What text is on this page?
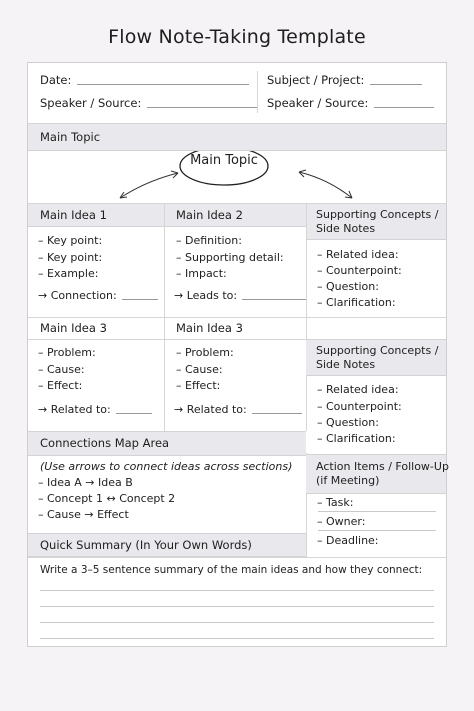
Flow Note-Taking Template
Date:
Speaker / Source:
Subject / Project:
Speaker / Source:
Main Topic
Main Topic
Main Idea 1	Main Idea 2	Supporting Concepts /
Side Notes
– Key point:
– Key point:
– Example:
→ Connection:
– Definition:
– Supporting detail:
– Impact:
→ Leads to:
– Related idea:
– Counterpoint:
– Question:
– Clarification:
Main Idea 3	Main Idea 3
Supporting Concepts /
Side Notes
– Problem:
– Cause:
– Effect:
→ Related to:
– Problem:
– Cause:
– Effect:
→ Related to:
– Related idea:
– Counterpoint:
– Question:
– Clarification:
Connections Map Area
Action Items / Follow-Up
(if Meeting)
(Use arrows to connect ideas across sections)
– Idea A → Idea B
– Concept 1 ↔ Concept 2
– Cause → Effect
– Task:
– Owner:
– Deadline:
Quick Summary (In Your Own Words)
Write a 3–5 sentence summary of the main ideas and how they connect:
